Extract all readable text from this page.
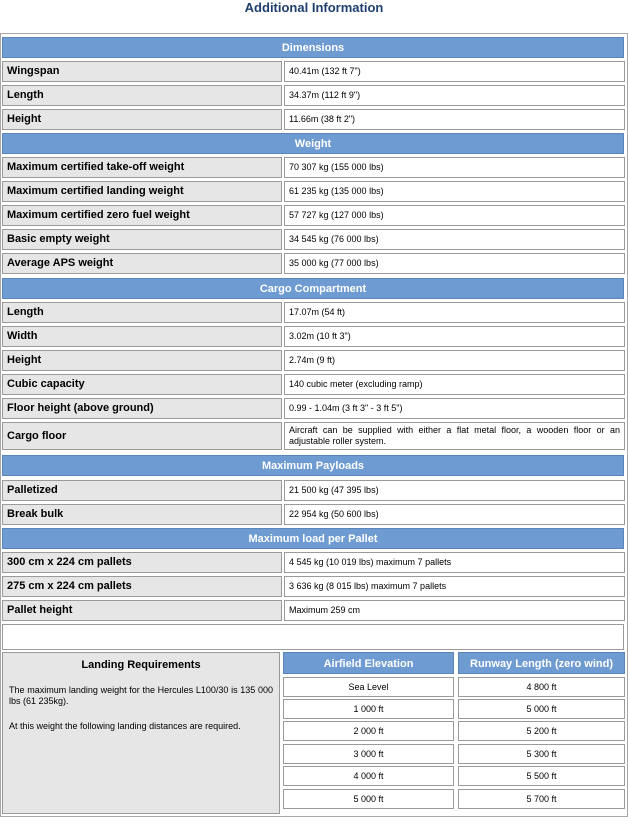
Additional Information
Dimensions
Wingspan	40.41m (132 ft 7")
Length	34.37m (112 ft 9")
Height	11.66m (38 ft 2")
Weight
Maximum certified take-off weight	70 307 kg (155 000 lbs)
Maximum certified landing weight	61 235 kg (135 000 lbs)
Maximum certified zero fuel weight	57 727 kg (127 000 lbs)
Basic empty weight	34 545 kg (76 000 lbs)
Average APS weight	35 000 kg (77 000 lbs)
Cargo Compartment
Length	17.07m (54 ft)
Width	3.02m (10 ft 3")
Height	2.74m (9 ft)
Cubic capacity	140 cubic meter (excluding ramp)
Floor height (above ground)	0.99 - 1.04m (3 ft 3" - 3 ft 5")
Cargo floor	Aircraft can be supplied with either a flat metal floor, a wooden floor or an adjustable roller system.
Maximum Payloads
Palletized	21 500 kg (47 395 lbs)
Break bulk	22 954 kg (50 600 lbs)
Maximum load per Pallet
300 cm x 224 cm pallets	4 545 kg (10 019 lbs) maximum 7 pallets
275 cm x 224 cm pallets	3 636 kg (8 015 lbs) maximum 7 pallets
Pallet height	Maximum 259 cm
Landing Requirements

The maximum landing weight for the Hercules L100/30 is 135 000 lbs (61 235kg).

At this weight the following landing distances are required.

Airfield Elevation	Runway Length (zero wind)
Sea Level	4 800 ft
1 000 ft	5 000 ft
2 000 ft	5 200 ft
3 000 ft	5 300 ft
4 000 ft	5 500 ft
5 000 ft	5 700 ft
